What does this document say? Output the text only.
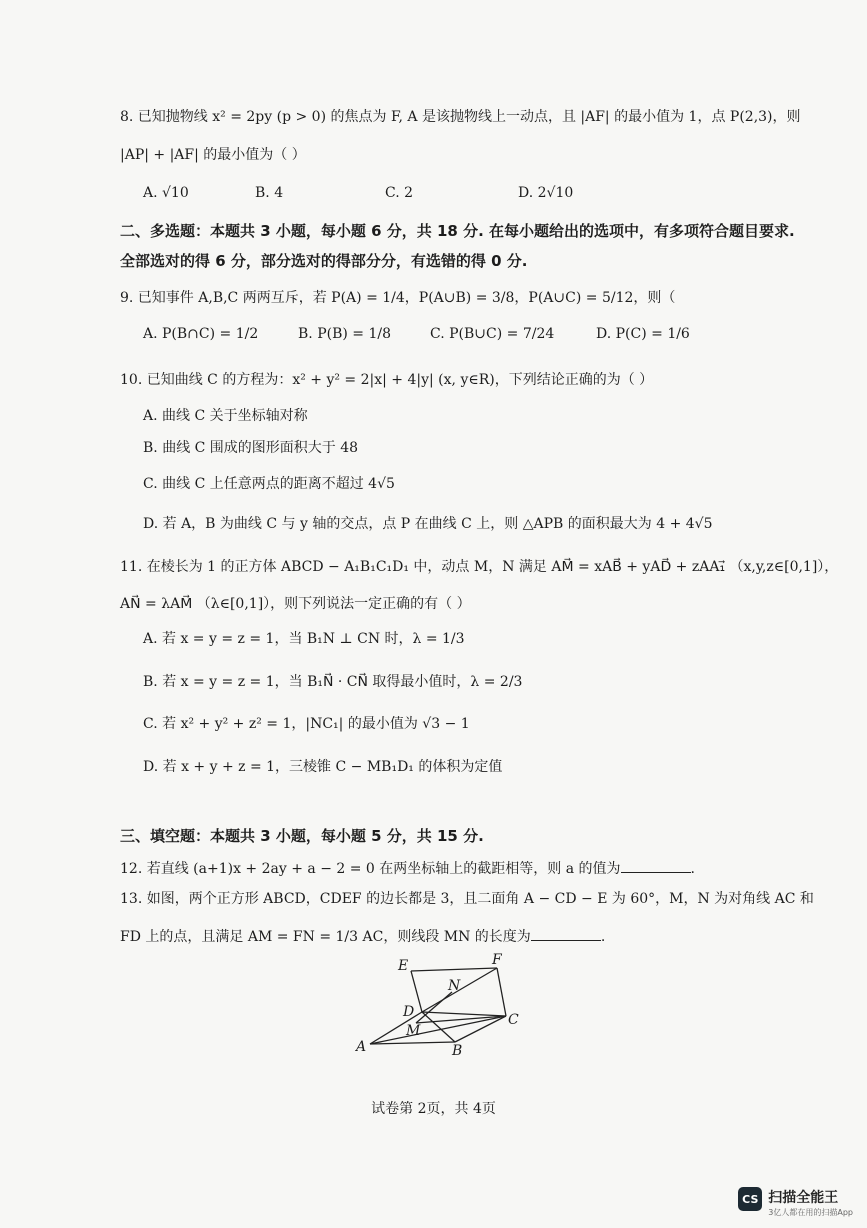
8. 已知抛物线 x² = 2py (p > 0) 的焦点为 F, A 是该抛物线上一动点，且 |AF| 的最小值为 1，点 P(2,3)，则
|AP| + |AF| 的最小值为（ ）
A. √10	B. 4	C. 2	D. 2√10
二、多选题：本题共 3 小题，每小题 6 分，共 18 分. 在每小题给出的选项中，有多项符合题目要求.
全部选对的得 6 分，部分选对的得部分分，有选错的得 0 分.
9. 已知事件 A,B,C 两两互斥，若 P(A) = 1/4，P(A∪B) = 3/8，P(A∪C) = 5/12，则（
A. P(B∩C) = 1/2	B. P(B) = 1/8	C. P(B∪C) = 7/24	D. P(C) = 1/6
10. 已知曲线 C 的方程为：x² + y² = 2|x| + 4|y| (x, y∈R)，下列结论正确的为（ ）
A. 曲线 C 关于坐标轴对称
B. 曲线 C 围成的图形面积大于 48
C. 曲线 C 上任意两点的距离不超过 4√5
D. 若 A，B 为曲线 C 与 y 轴的交点，点 P 在曲线 C 上，则 △APB 的面积最大为 4 + 4√5
11. 在棱长为 1 的正方体 ABCD − A₁B₁C₁D₁ 中，动点 M，N 满足 AM⃗ = xAB⃗ + yAD⃗ + zAA₁⃗ （x,y,z∈[0,1]），
AN⃗ = λAM⃗ （λ∈[0,1]），则下列说法一定正确的有（ ）
A. 若 x = y = z = 1，当 B₁N ⊥ CN 时，λ = 1/3
B. 若 x = y = z = 1，当 B₁N⃗ · CN⃗ 取得最小值时，λ = 2/3
C. 若 x² + y² + z² = 1，|NC₁| 的最小值为 √3 − 1
D. 若 x + y + z = 1，三棱锥 C − MB₁D₁ 的体积为定值
三、填空题：本题共 3 小题，每小题 5 分，共 15 分.
12. 若直线 (a+1)x + 2ay + a − 2 = 0 在两坐标轴上的截距相等，则 a 的值为	.
13. 如图，两个正方形 ABCD，CDEF 的边长都是 3，且二面角 A − CD − E 为 60°，M，N 为对角线 AC 和
FD 上的点，且满足 AM = FN = 1/3 AC，则线段 MN 的长度为	.
E	F
N
D
M
C
A	B
试卷第 2页，共 4页
CS 扫描全能王
3亿人都在用的扫描App
